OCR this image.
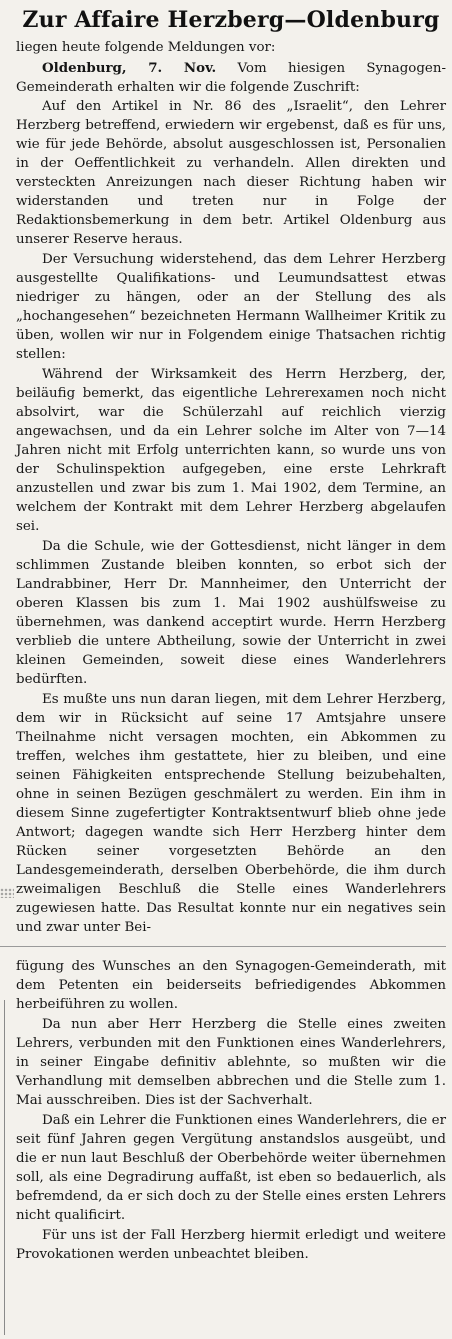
Zur Affaire Herzberg—Oldenburg

liegen heute folgende Meldungen vor:

Oldenburg, 7. Nov. Vom hiesigen Synagogen-Gemeinderath erhalten wir die folgende Zuschrift:

Auf den Artikel in Nr. 86 des „Israelit“, den Lehrer Herzberg betreffend, erwiedern wir ergebenst, daß es für uns, wie für jede Behörde, absolut ausgeschlossen ist, Personalien in der Oeffentlichkeit zu verhandeln. Allen direkten und versteckten Anreizungen nach dieser Richtung haben wir widerstanden und treten nur in Folge der Redaktionsbemerkung in dem betr. Artikel Oldenburg aus unserer Reserve heraus.

Der Versuchung widerstehend, das dem Lehrer Herzberg ausgestellte Qualifikations- und Leumundsattest etwas niedriger zu hängen, oder an der Stellung des als „hochangesehen“ bezeichneten Hermann Wallheimer Kritik zu üben, wollen wir nur in Folgendem einige Thatsachen richtig stellen:

Während der Wirksamkeit des Herrn Herzberg, der, beiläufig bemerkt, das eigentliche Lehrerexamen noch nicht absolvirt, war die Schülerzahl auf reichlich vierzig angewachsen, und da ein Lehrer solche im Alter von 7—14 Jahren nicht mit Erfolg unterrichten kann, so wurde uns von der Schulinspektion aufgegeben, eine erste Lehrkraft anzustellen und zwar bis zum 1. Mai 1902, dem Termine, an welchem der Kontrakt mit dem Lehrer Herzberg abgelaufen sei.

Da die Schule, wie der Gottesdienst, nicht länger in dem schlimmen Zustande bleiben konnten, so erbot sich der Landrabbiner, Herr Dr. Mannheimer, den Unterricht der oberen Klassen bis zum 1. Mai 1902 aushülfsweise zu übernehmen, was dankend acceptirt wurde. Herrn Herzberg verblieb die untere Abtheilung, sowie der Unterricht in zwei kleinen Gemeinden, soweit diese eines Wanderlehrers bedürften.

Es mußte uns nun daran liegen, mit dem Lehrer Herzberg, dem wir in Rücksicht auf seine 17 Amtsjahre unsere Theilnahme nicht versagen mochten, ein Abkommen zu treffen, welches ihm gestattete, hier zu bleiben, und eine seinen Fähigkeiten entsprechende Stellung beizubehalten, ohne in seinen Bezügen geschmälert zu werden. Ein ihm in diesem Sinne zugefertigter Kontraktsentwurf blieb ohne jede Antwort; dagegen wandte sich Herr Herzberg hinter dem Rücken seiner vorgesetzten Behörde an den Landesgemeinderath, derselben Oberbehörde, die ihm durch zweimaligen Beschluß die Stelle eines Wanderlehrers zugewiesen hatte. Das Resultat konnte nur ein negatives sein und zwar unter Bei-

fügung des Wunsches an den Synagogen-Gemeinderath, mit dem Petenten ein beiderseits befriedigendes Abkommen herbeiführen zu wollen.

Da nun aber Herr Herzberg die Stelle eines zweiten Lehrers, verbunden mit den Funktionen eines Wanderlehrers, in seiner Eingabe definitiv ablehnte, so mußten wir die Verhandlung mit demselben abbrechen und die Stelle zum 1. Mai ausschreiben. Dies ist der Sachverhalt.

Daß ein Lehrer die Funktionen eines Wanderlehrers, die er seit fünf Jahren gegen Vergütung anstandslos ausgeübt, und die er nun laut Beschluß der Oberbehörde weiter übernehmen soll, als eine Degradirung auffaßt, ist eben so bedauerlich, als befremdend, da er sich doch zu der Stelle eines ersten Lehrers nicht qualificirt.

Für uns ist der Fall Herzberg hiermit erledigt und weitere Provokationen werden unbeachtet bleiben.
